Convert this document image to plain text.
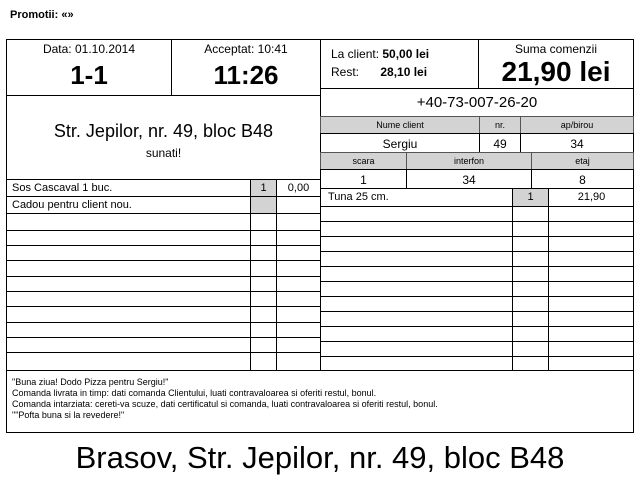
Promotii: «»
Data: 01.10.2014
1-1
Acceptat: 10:41
11:26
La client: 50,00 lei
Rest: 28,10 lei
Suma comenzii
21,90 lei
Str. Jepilor, nr. 49, bloc B48
sunati!
+40-73-007-26-20
Nume client	nr.	ap/birou
Sergiu	49	34
scara	interfon	etaj
1	34	8
Sos Cascaval 1 buc.	1	0,00
Cadou pentru client nou.
Tuna 25 cm.	1	21,90
"Buna ziua! Dodo Pizza pentru Sergiu!"
Comanda livrata in timp: dati comanda Clientului, luati contravaloarea si oferiti restul, bonul.
Comanda intarziata: cereti-va scuze, dati certificatul si comanda, luati contravaloarea si oferiti restul, bonul.
""Pofta buna si la revedere!"
Brasov, Str. Jepilor, nr. 49, bloc B48
